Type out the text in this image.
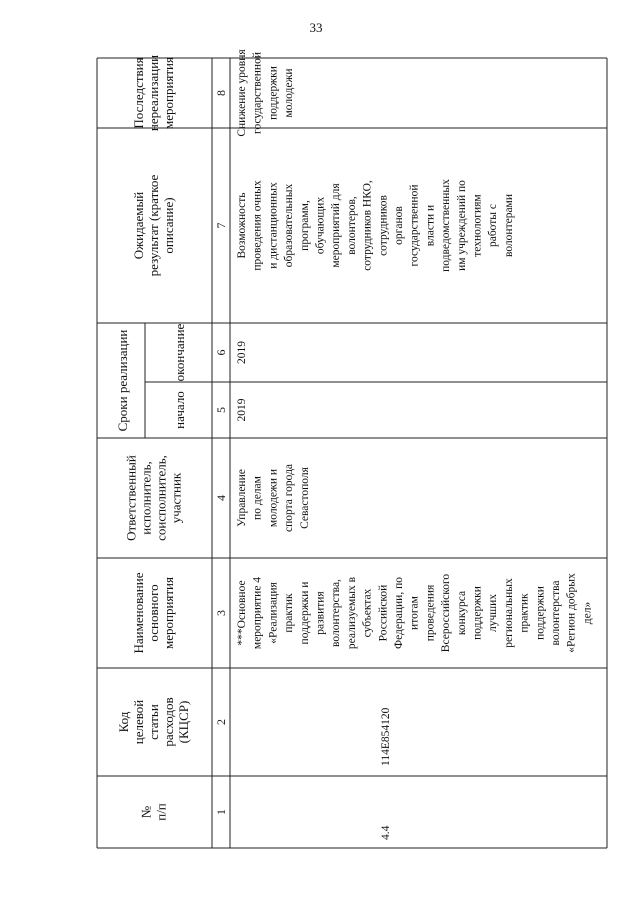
33
№ п/п
Код целевой статьи расходов (КЦСР)
Наименование основного мероприятия
Ответственный исполнитель, соисполнитель, участник
Ожидаемый результат (краткое описание)
Последствия нереализации мероприятия
Сроки реализации	начало
окончание
1
2
3
4
5
6
7
8
4.4
114Е854120
***Основное мероприятие 4 «Реализация практик поддержки и развития волонтерства, реализуемых в субъектах Российской Федерации, по итогам проведения Всероссийского конкурса поддержки лучших региональных практик поддержки волонтерства «Регион добрых дел»
Управление по делам молодежи и спорта города Севастополя
Возможность проведения очных и дистанционных образовательных программ, обучающих мероприятий для волонтеров, сотрудников НКО, сотрудников органов государственной власти и подведомственных им учреждений по технологиям работы с волонтерами
Снижение уровня государственной поддержки молодежи
2019
2019
